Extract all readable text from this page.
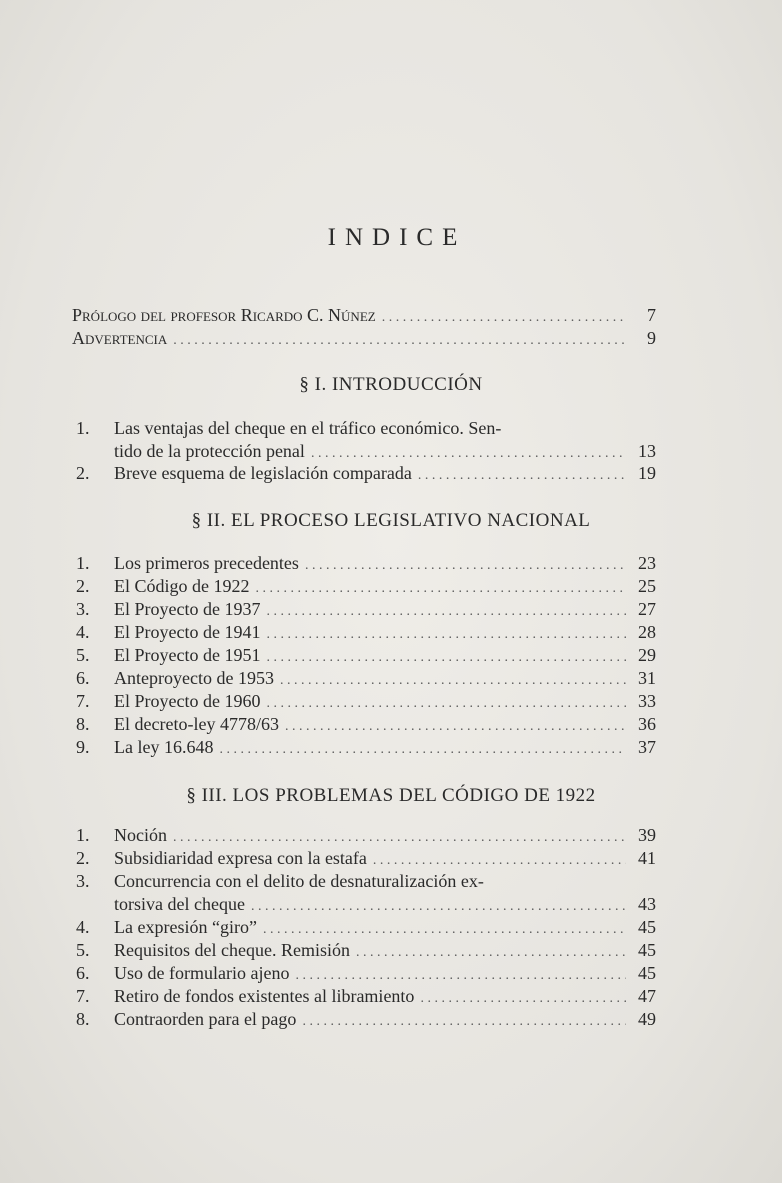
INDICE
Prólogo del profesor Ricardo C. Núnez . . .	7
Advertencia . . .	9
§ I. INTRODUCCIÓN
1. Las ventajas del cheque en el tráfico económico. Sen-
tido de la protección penal . . .	13
2.	Breve esquema de legislación comparada . . .	19
§ II. EL PROCESO LEGISLATIVO NACIONAL
§ III. LOS PROBLEMAS DEL CÓDIGO DE 1922
1.	Los primeros precedentes . . .	23
2.	El Código de 1922 . . .	25
3.	El Proyecto de 1937 . . .	27
4.	El Proyecto de 1941 . . .	28
5.	El Proyecto de 1951 . . .	29
6.	Anteproyecto de 1953 . . .	31
7.	El Proyecto de 1960 . . .	33
8.	El decreto-ley 4778/63 . . .	36
9.	La ley 16.648 . . .	37
1.	Noción . . .	39
2.	Subsidiaridad expresa con la estafa . . .	41
3. Concurrencia con el delito de desnaturalización ex-
torsiva del cheque . . .	43
4.	La expresión “giro” . . .	45
5.	Requisitos del cheque. Remisión . . .	45
6.	Uso de formulario ajeno . . .	45
7.	Retiro de fondos existentes al libramiento . . .	47
8.	Contraorden para el pago . . .	49
